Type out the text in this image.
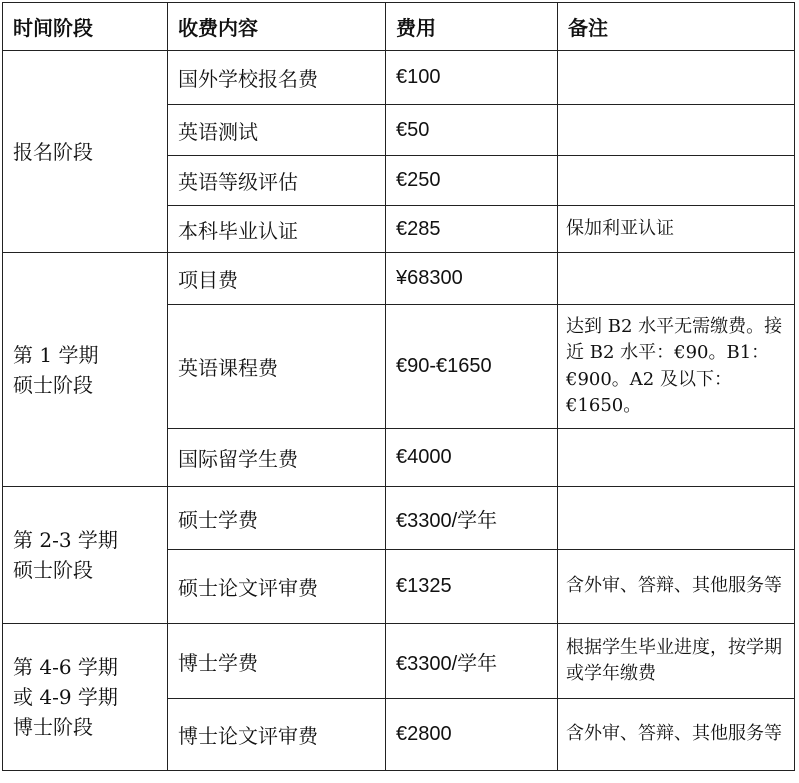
时间阶段	收费内容	费用	备注
报名阶段	国外学校报名费	€100	
	英语测试	€50	
	英语等级评估	€250	
	本科毕业认证	€285	保加利亚认证
第 1 学期
硕士阶段	项目费	¥68300	
	英语课程费	€90-€1650	达到 B2 水平无需缴费。接近 B2 水平：€90。B1：€900。A2 及以下：€1650。
	国际留学生费	€4000	
第 2-3 学期
硕士阶段	硕士学费	€3300/学年	
	硕士论文评审费	€1325	含外审、答辩、其他服务等
第 4-6 学期
或 4-9 学期
博士阶段	博士学费	€3300/学年	根据学生毕业进度，按学期或学年缴费
	博士论文评审费	€2800	含外审、答辩、其他服务等
